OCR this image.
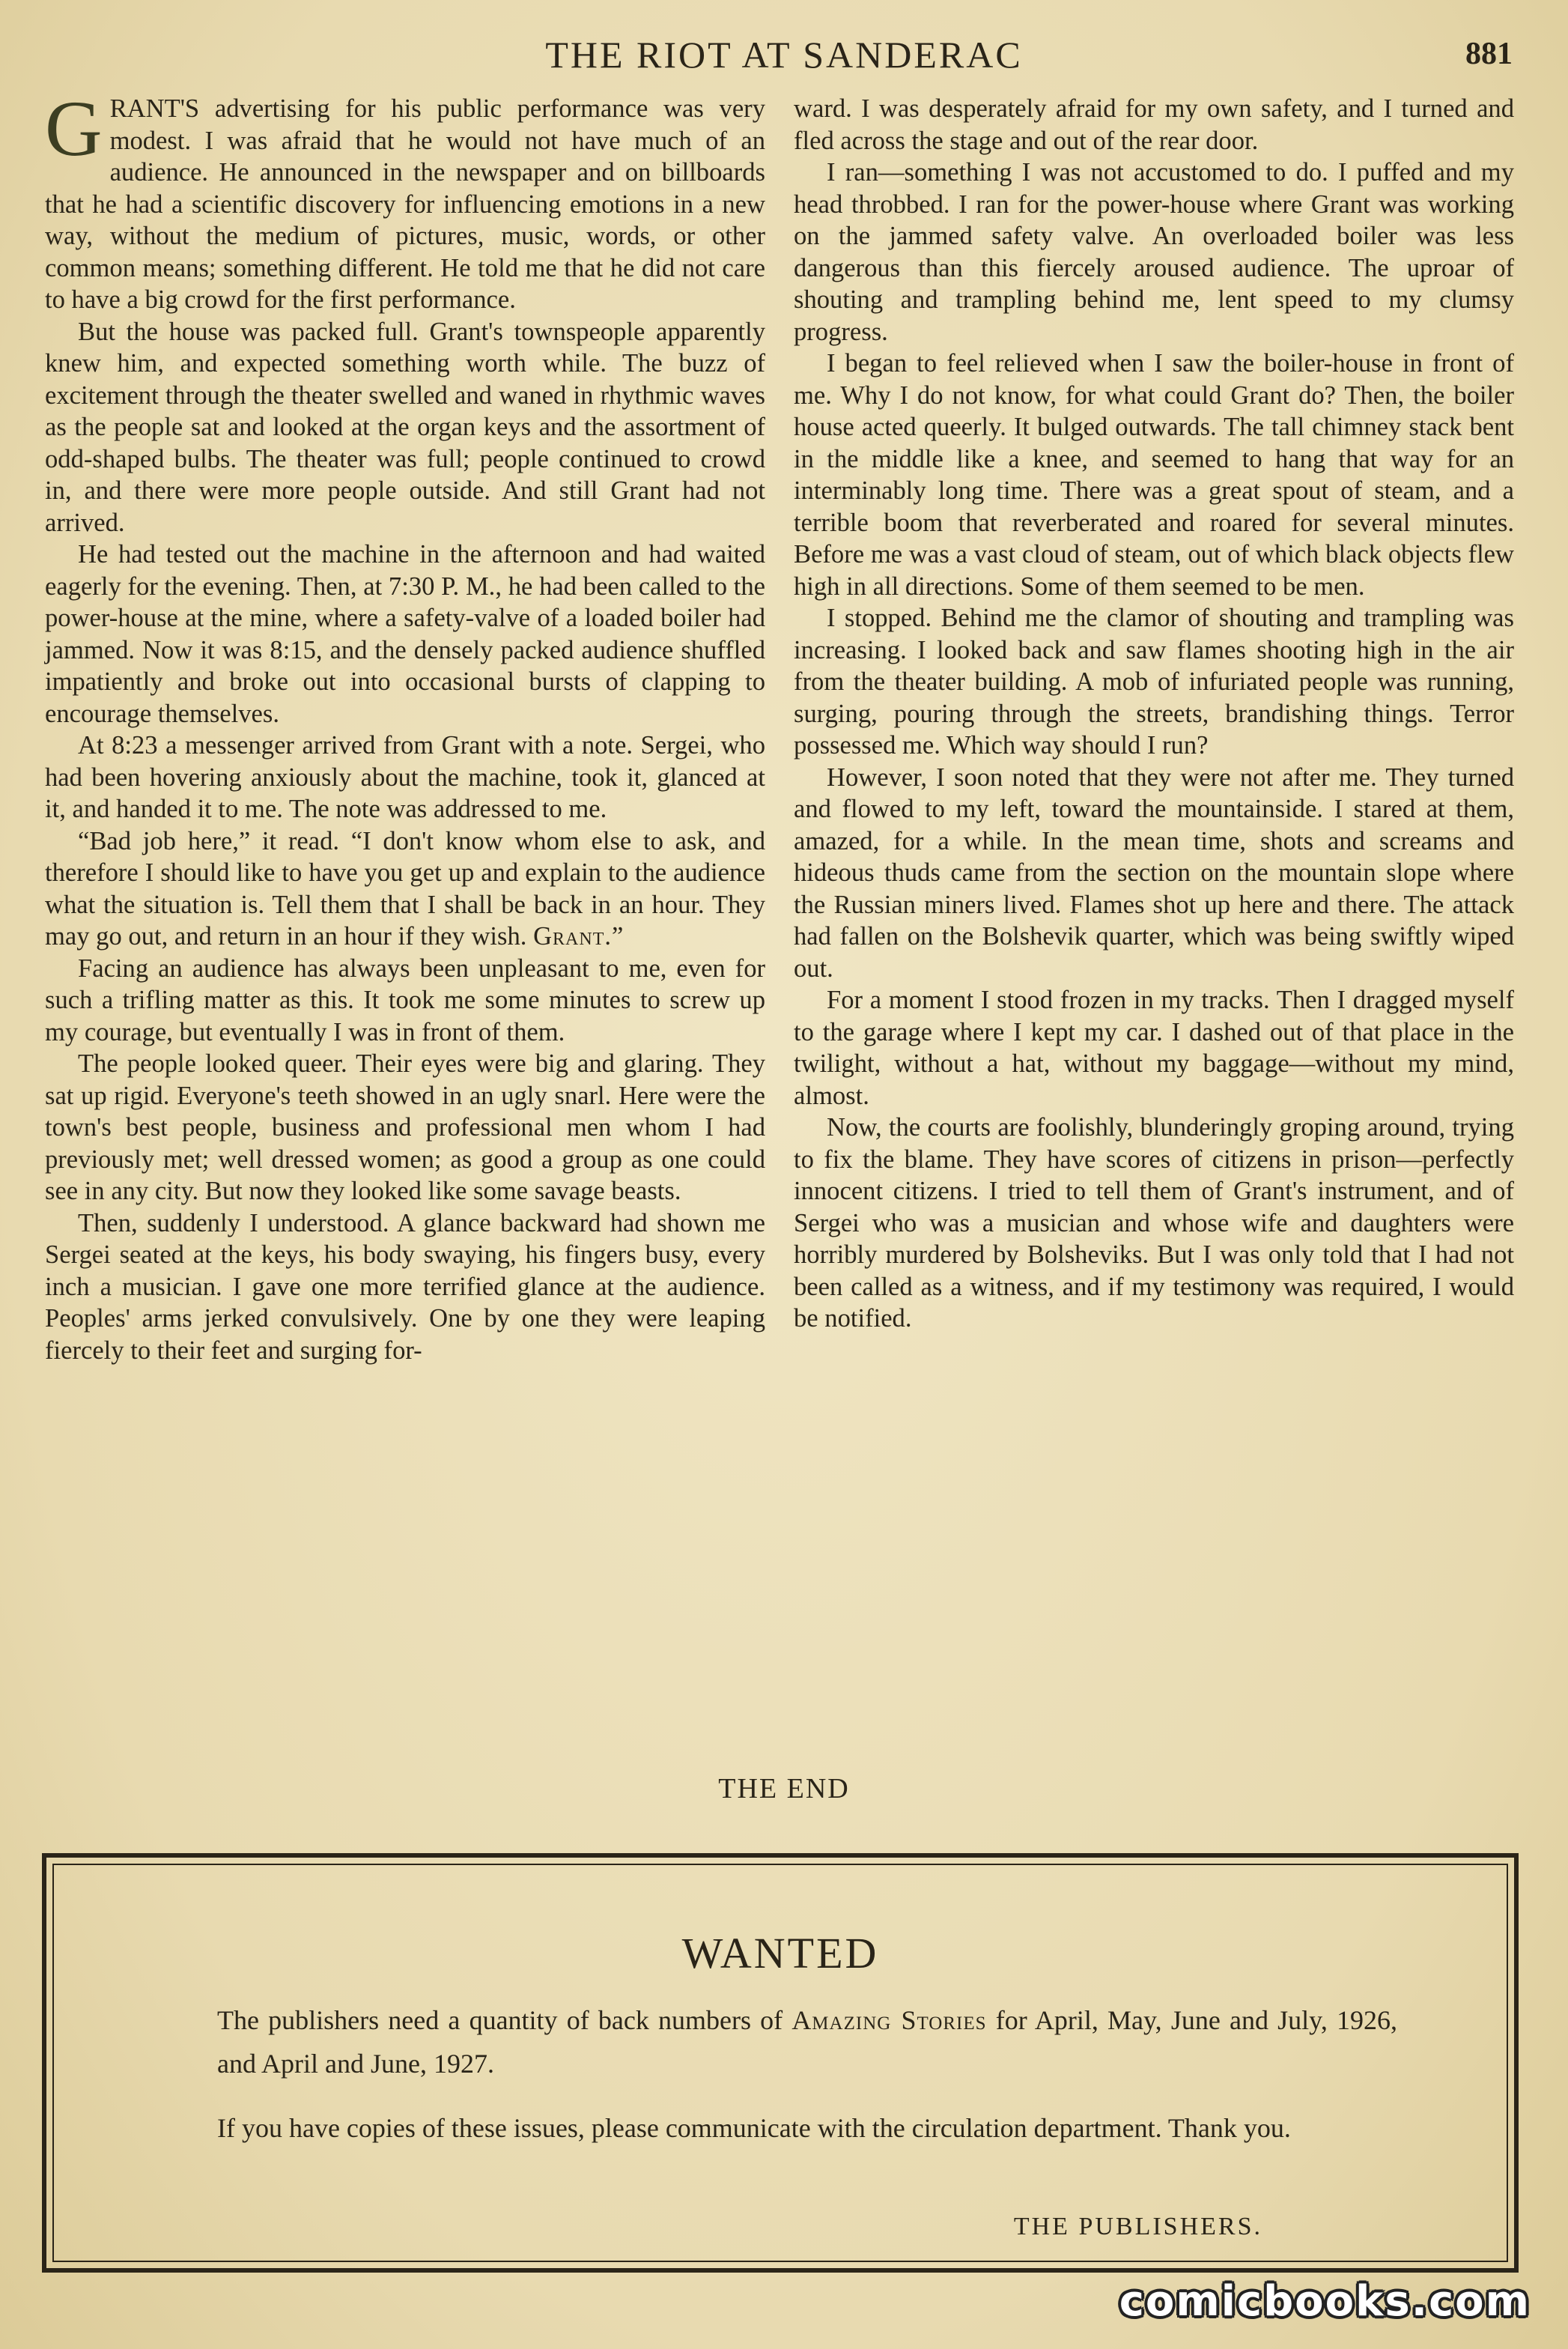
THE RIOT AT SANDERAC	881

GRANT'S advertising for his public performance was very modest. I was afraid that he would not have much of an audience. He announced in the newspaper and on billboards that he had a scientific discovery for influencing emotions in a new way, without the medium of pictures, music, words, or other common means; something different. He told me that he did not care to have a big crowd for the first performance.

But the house was packed full. Grant's townspeople apparently knew him, and expected something worth while. The buzz of excitement through the theater swelled and waned in rhythmic waves as the people sat and looked at the organ keys and the assortment of odd-shaped bulbs. The theater was full; people continued to crowd in, and there were more people outside. And still Grant had not arrived.

He had tested out the machine in the afternoon and had waited eagerly for the evening. Then, at 7:30 P. M., he had been called to the power-house at the mine, where a safety-valve of a loaded boiler had jammed. Now it was 8:15, and the densely packed audience shuffled impatiently and broke out into occasional bursts of clapping to encourage themselves.

At 8:23 a messenger arrived from Grant with a note. Sergei, who had been hovering anxiously about the machine, took it, glanced at it, and handed it to me. The note was addressed to me.

“Bad job here,” it read. “I don't know whom else to ask, and therefore I should like to have you get up and explain to the audience what the situation is. Tell them that I shall be back in an hour. They may go out, and return in an hour if they wish. Grant.”

Facing an audience has always been unpleasant to me, even for such a trifling matter as this. It took me some minutes to screw up my courage, but eventually I was in front of them.

The people looked queer. Their eyes were big and glaring. They sat up rigid. Everyone's teeth showed in an ugly snarl. Here were the town's best people, business and professional men whom I had previously met; well dressed women; as good a group as one could see in any city. But now they looked like some savage beasts.

Then, suddenly I understood. A glance backward had shown me Sergei seated at the keys, his body swaying, his fingers busy, every inch a musician. I gave one more terrified glance at the audience. Peoples' arms jerked convulsively. One by one they were leaping fiercely to their feet and surging for-

ward. I was desperately afraid for my own safety, and I turned and fled across the stage and out of the rear door.

I ran—something I was not accustomed to do. I puffed and my head throbbed. I ran for the power-house where Grant was working on the jammed safety valve. An overloaded boiler was less dangerous than this fiercely aroused audience. The uproar of shouting and trampling behind me, lent speed to my clumsy progress.

I began to feel relieved when I saw the boiler-house in front of me. Why I do not know, for what could Grant do? Then, the boiler house acted queerly. It bulged outwards. The tall chimney stack bent in the middle like a knee, and seemed to hang that way for an interminably long time. There was a great spout of steam, and a terrible boom that reverberated and roared for several minutes. Before me was a vast cloud of steam, out of which black objects flew high in all directions. Some of them seemed to be men.

I stopped. Behind me the clamor of shouting and trampling was increasing. I looked back and saw flames shooting high in the air from the theater building. A mob of infuriated people was running, surging, pouring through the streets, brandishing things. Terror possessed me. Which way should I run?

However, I soon noted that they were not after me. They turned and flowed to my left, toward the mountainside. I stared at them, amazed, for a while. In the mean time, shots and screams and hideous thuds came from the section on the mountain slope where the Russian miners lived. Flames shot up here and there. The attack had fallen on the Bolshevik quarter, which was being swiftly wiped out.

For a moment I stood frozen in my tracks. Then I dragged myself to the garage where I kept my car. I dashed out of that place in the twilight, without a hat, without my baggage—without my mind, almost.

Now, the courts are foolishly, blunderingly groping around, trying to fix the blame. They have scores of citizens in prison—perfectly innocent citizens. I tried to tell them of Grant's instrument, and of Sergei who was a musician and whose wife and daughters were horribly murdered by Bolsheviks. But I was only told that I had not been called as a witness, and if my testimony was required, I would be notified.

THE END
WANTED
The publishers need a quantity of back numbers of Amazing Stories for April, May, June and July, 1926, and April and June, 1927.
If you have copies of these issues, please communicate with the circulation department. Thank you.
THE PUBLISHERS.
comicbooks.com
